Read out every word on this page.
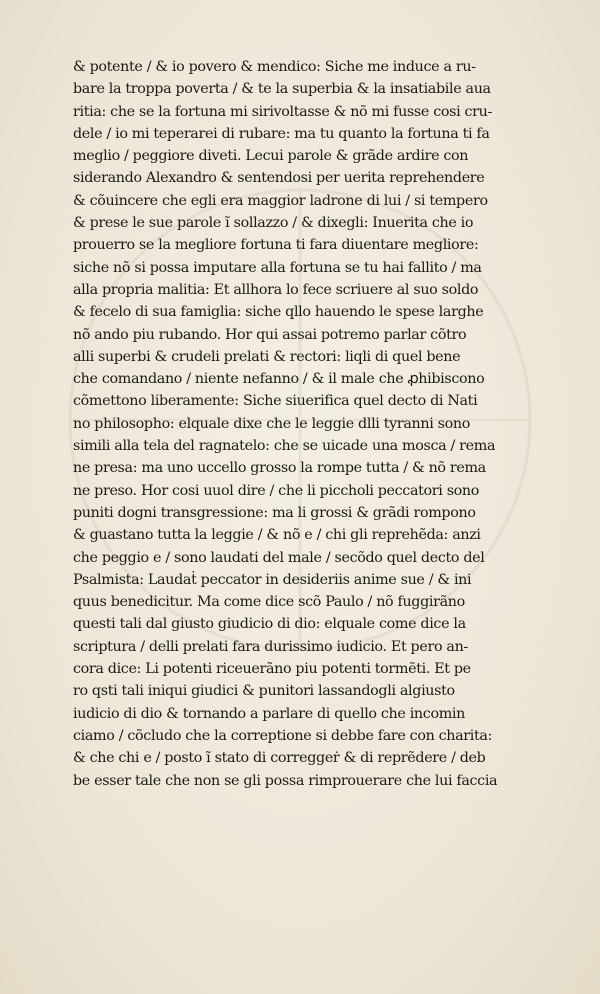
& potente / & io povero & mendico: Siche me induce a ru-
bare la troppa poverta / & te la superbia & la insatiabile aua
ritia: che se la fortuna mi sirivoltasse & nõ mi fusse cosi cru-
dele / io mi teperarei di rubare: ma tu quanto la fortuna ti fa
meglio / peggiore diveti. Lecui parole & grãde ardire con
siderando Alexandro & sentendosi per uerita reprehendere
& cõuincere che egli era maggior ladrone di lui / si tempero
& prese le sue parole ĩ sollazzo / & dixegli: Inuerita che io
prouerro se la megliore fortuna ti fara diuentare megliore:
siche nõ si possa imputare alla fortuna se tu hai fallito / ma
alla propria malitia: Et allhora lo fece scriuere al suo soldo
& fecelo di sua famiglia: siche qllo hauendo le spese larghe
nõ ando piu rubando. Hor qui assai potremo parlar cõtro
alli superbi & crudeli prelati & rectori: liqli di quel bene
che comandano / niente nefanno / & il male che ꝓhibiscono
cõmettono liberamente: Siche siuerifica quel decto di Nati
no philosopho: elquale dixe che le leggie dlli tyranni sono
simili alla tela del ragnatelo: che se uicade una mosca / rema
ne presa: ma uno uccello grosso la rompe tutta / & nõ rema
ne preso. Hor cosi uuol dire / che li piccholi peccatori sono
puniti dogni transgressione: ma li grossi & grãdi rompono
& guastano tutta la leggie / & nõ e / chi gli reprehẽda: anzi
che peggio e / sono laudati del male / secõdo quel decto del
Psalmista: Laudaṫ peccator in desideriis anime sue / & ini
quus benedicitur. Ma come dice scõ Paulo / nõ fuggirãno
questi tali dal giusto giudicio di dio: elquale come dice la
scriptura / delli prelati fara durissimo iudicio. Et pero an-
cora dice: Li potenti riceuerãno piu potenti tormẽti. Et pe
ro qsti tali iniqui giudici & punitori lassandogli algiusto
iudicio di dio & tornando a parlare di quello che incomin
ciamo / cõcludo che la correptione si debbe fare con charita:
& che chi e / posto ĩ stato di correggeṙ & di reprẽdere / deb
be esser tale che non se gli possa rimprouerare che lui faccia
